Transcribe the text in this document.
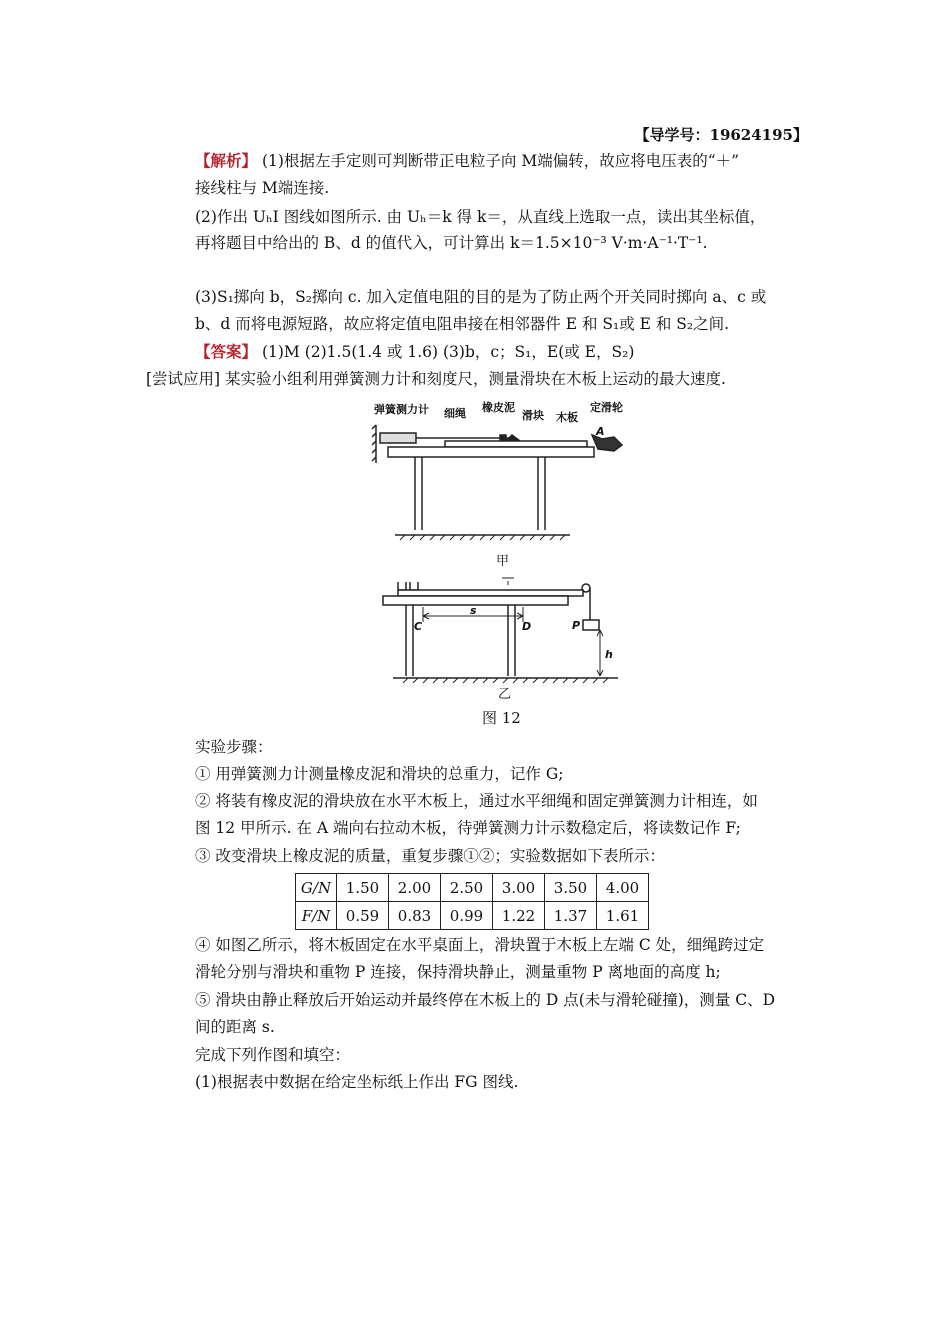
【导学号：19624195】
【解析】 (1)根据左手定则可判断带正电粒子向 M端偏转，故应将电压表的“＋”
接线柱与 M端连接.
(2)作出 UₕI 图线如图所示. 由 Uₕ＝k 得 k＝，从直线上选取一点，读出其坐标值，
再将题目中给出的 B、d 的值代入，可计算出 k＝1.5×10⁻³ V·m·A⁻¹·T⁻¹.
(3)S₁掷向 b，S₂掷向 c. 加入定值电阻的目的是为了防止两个开关同时掷向 a、c 或
b、d 而将电源短路，故应将定值电阻串接在相邻器件 E 和 S₁或 E 和 S₂之间.
【答案】 (1)M (2)1.5(1.4 或 1.6) (3)b，c；S₁，E(或 E，S₂)
[尝试应用] 某实验小组利用弹簧测力计和刻度尺，测量滑块在木板上运动的最大速度.
弹簧测力计 细绳 橡皮泥
滑块 木板
定滑轮
A
甲
C	D
s
P
h
乙
图 12
实验步骤：
① 用弹簧测力计测量橡皮泥和滑块的总重力，记作 G;
② 将装有橡皮泥的滑块放在水平木板上，通过水平细绳和固定弹簧测力计相连，如
图 12 甲所示. 在 A 端向右拉动木板，待弹簧测力计示数稳定后，将读数记作 F;
③ 改变滑块上橡皮泥的质量，重复步骤①②；实验数据如下表所示：
G/N	1.50	2.00	2.50	3.00	3.50	4.00
F/N	0.59	0.83	0.99	1.22	1.37	1.61
④ 如图乙所示，将木板固定在水平桌面上，滑块置于木板上左端 C 处，细绳跨过定
滑轮分别与滑块和重物 P 连接，保持滑块静止，测量重物 P 离地面的高度 h;
⑤ 滑块由静止释放后开始运动并最终停在木板上的 D 点(未与滑轮碰撞)，测量 C、D
间的距离 s.
完成下列作图和填空：
(1)根据表中数据在给定坐标纸上作出 FG 图线.
